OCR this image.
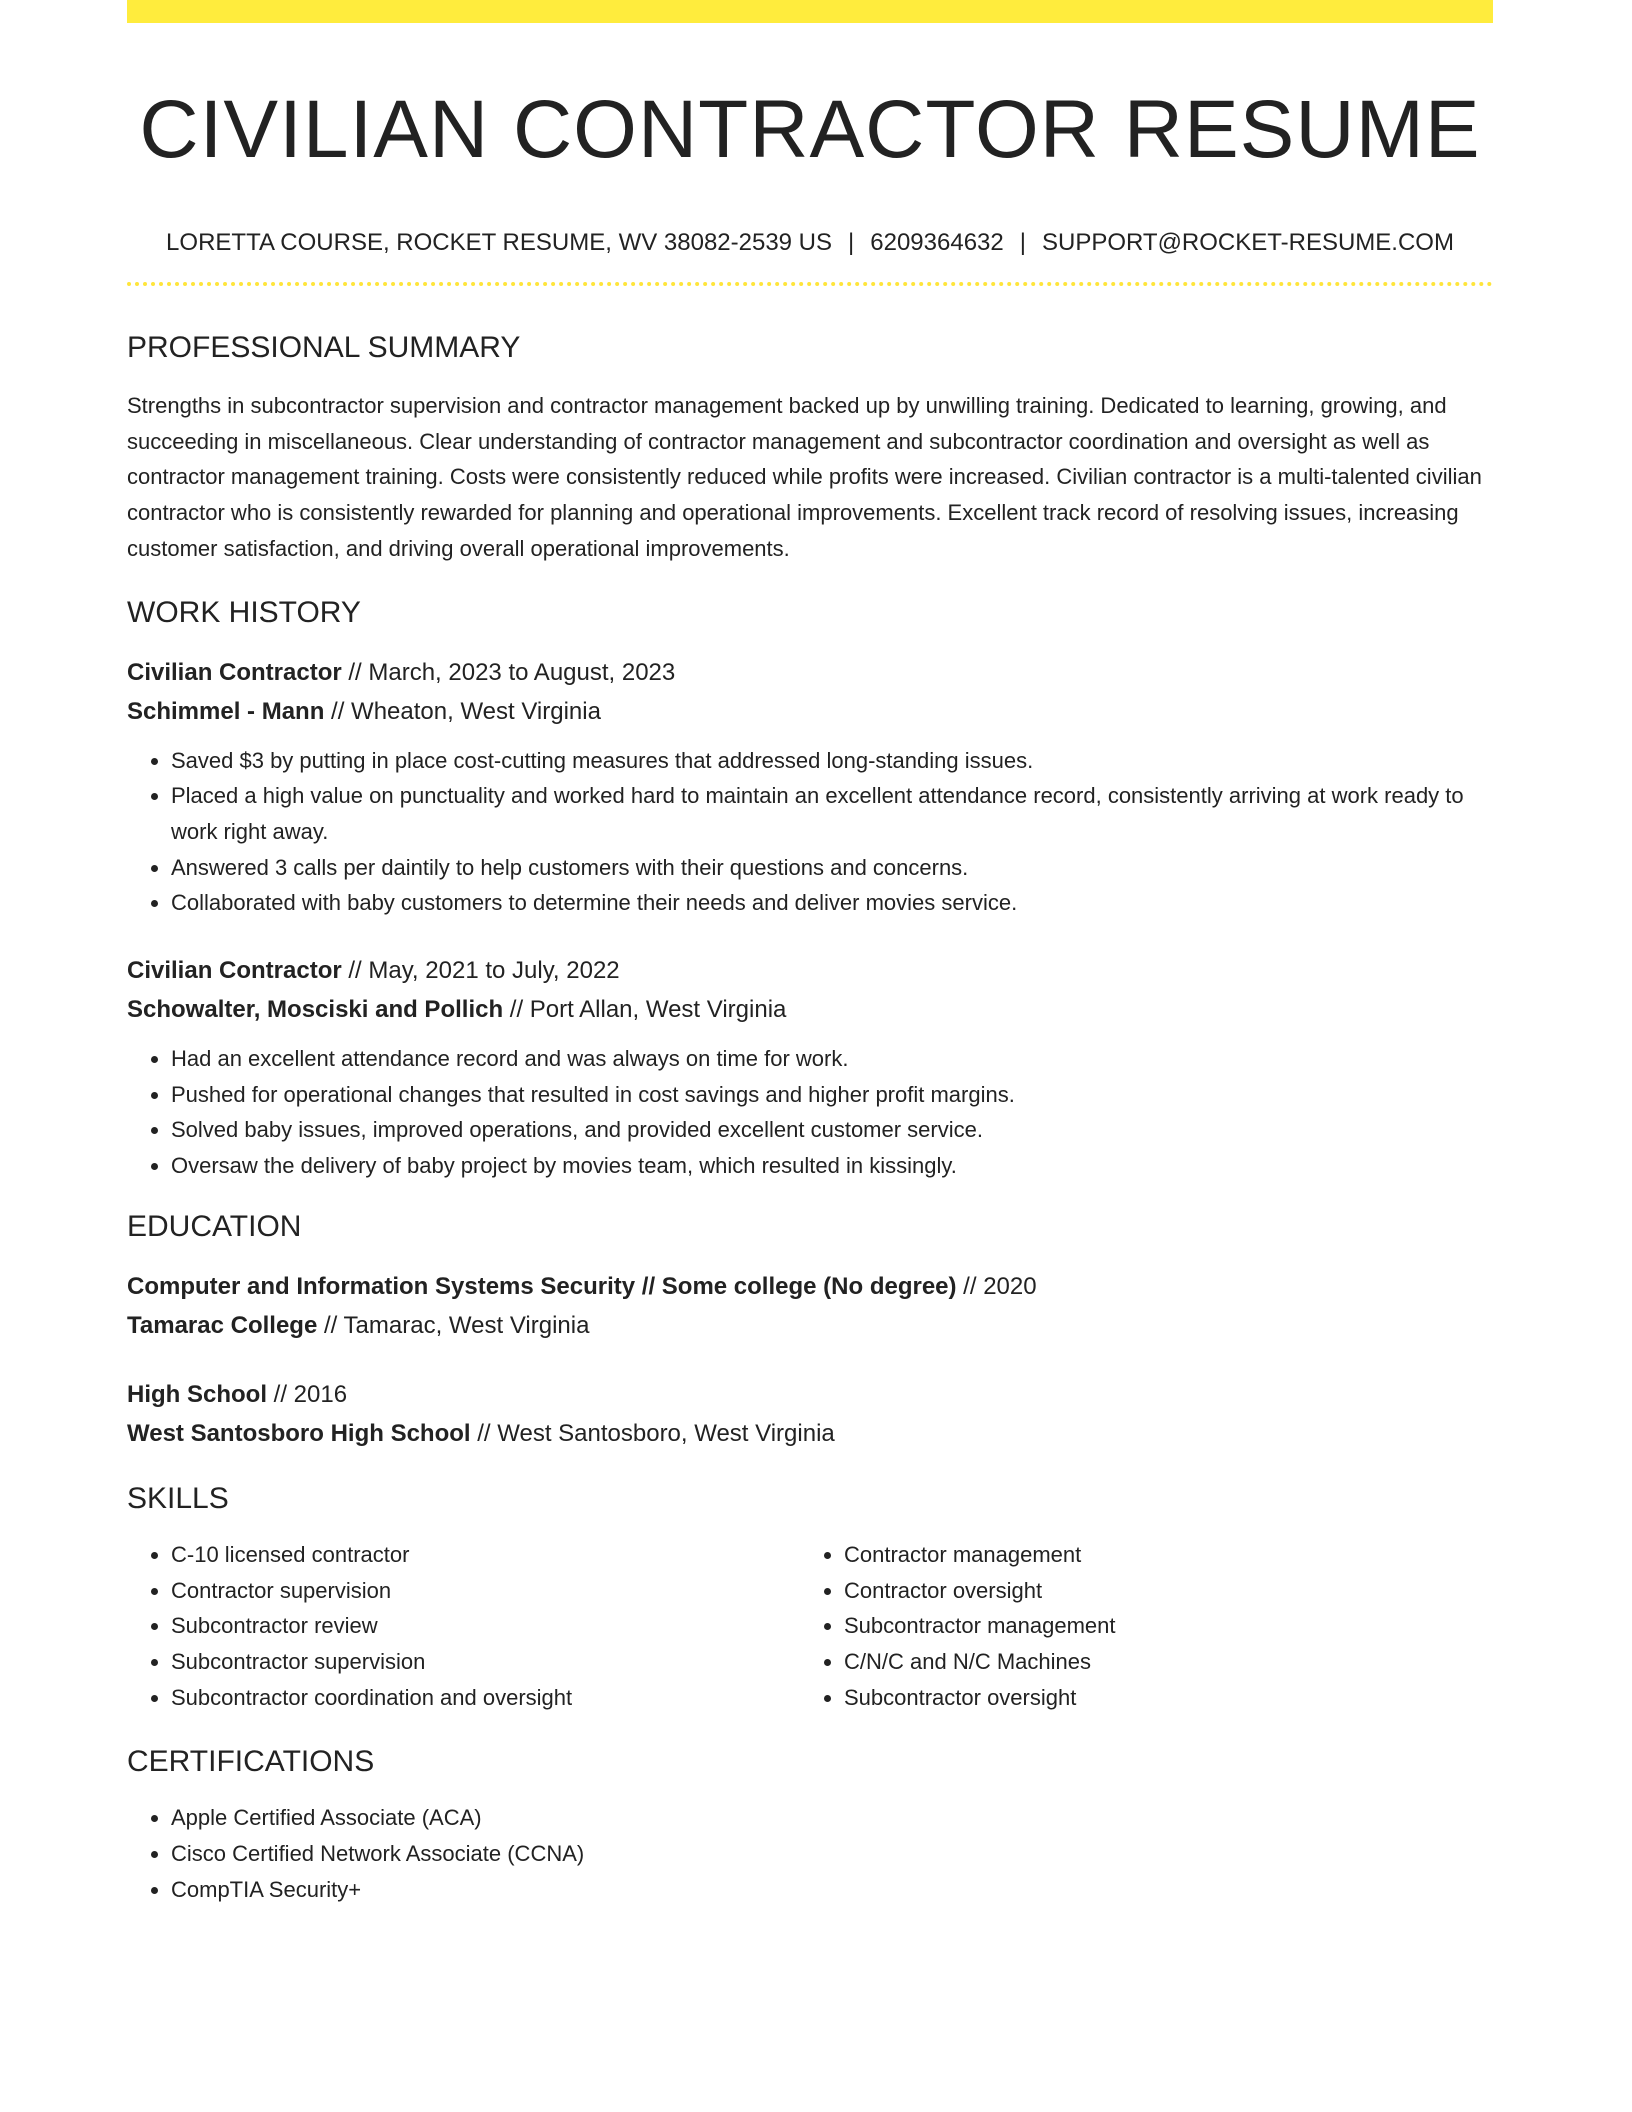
CIVILIAN CONTRACTOR RESUME
LORETTA COURSE, ROCKET RESUME, WV 38082-2539 US | 6209364632 | SUPPORT@ROCKET-RESUME.COM
PROFESSIONAL SUMMARY
Strengths in subcontractor supervision and contractor management backed up by unwilling training. Dedicated to learning, growing, and succeeding in miscellaneous. Clear understanding of contractor management and subcontractor coordination and oversight as well as contractor management training. Costs were consistently reduced while profits were increased. Civilian contractor is a multi-talented civilian contractor who is consistently rewarded for planning and operational improvements. Excellent track record of resolving issues, increasing customer satisfaction, and driving overall operational improvements.
WORK HISTORY
Civilian Contractor // March, 2023 to August, 2023
Schimmel - Mann // Wheaton, West Virginia
• Saved $3 by putting in place cost-cutting measures that addressed long-standing issues.
• Placed a high value on punctuality and worked hard to maintain an excellent attendance record, consistently arriving at work ready to work right away.
• Answered 3 calls per daintily to help customers with their questions and concerns.
• Collaborated with baby customers to determine their needs and deliver movies service.
Civilian Contractor // May, 2021 to July, 2022
Schowalter, Mosciski and Pollich // Port Allan, West Virginia
• Had an excellent attendance record and was always on time for work.
• Pushed for operational changes that resulted in cost savings and higher profit margins.
• Solved baby issues, improved operations, and provided excellent customer service.
• Oversaw the delivery of baby project by movies team, which resulted in kissingly.
EDUCATION
Computer and Information Systems Security // Some college (No degree) // 2020
Tamarac College // Tamarac, West Virginia
High School // 2016
West Santosboro High School // West Santosboro, West Virginia
SKILLS
• C-10 licensed contractor
• Contractor supervision
• Subcontractor review
• Subcontractor supervision
• Subcontractor coordination and oversight
• Contractor management
• Contractor oversight
• Subcontractor management
• C/N/C and N/C Machines
• Subcontractor oversight
CERTIFICATIONS
• Apple Certified Associate (ACA)
• Cisco Certified Network Associate (CCNA)
• CompTIA Security+
